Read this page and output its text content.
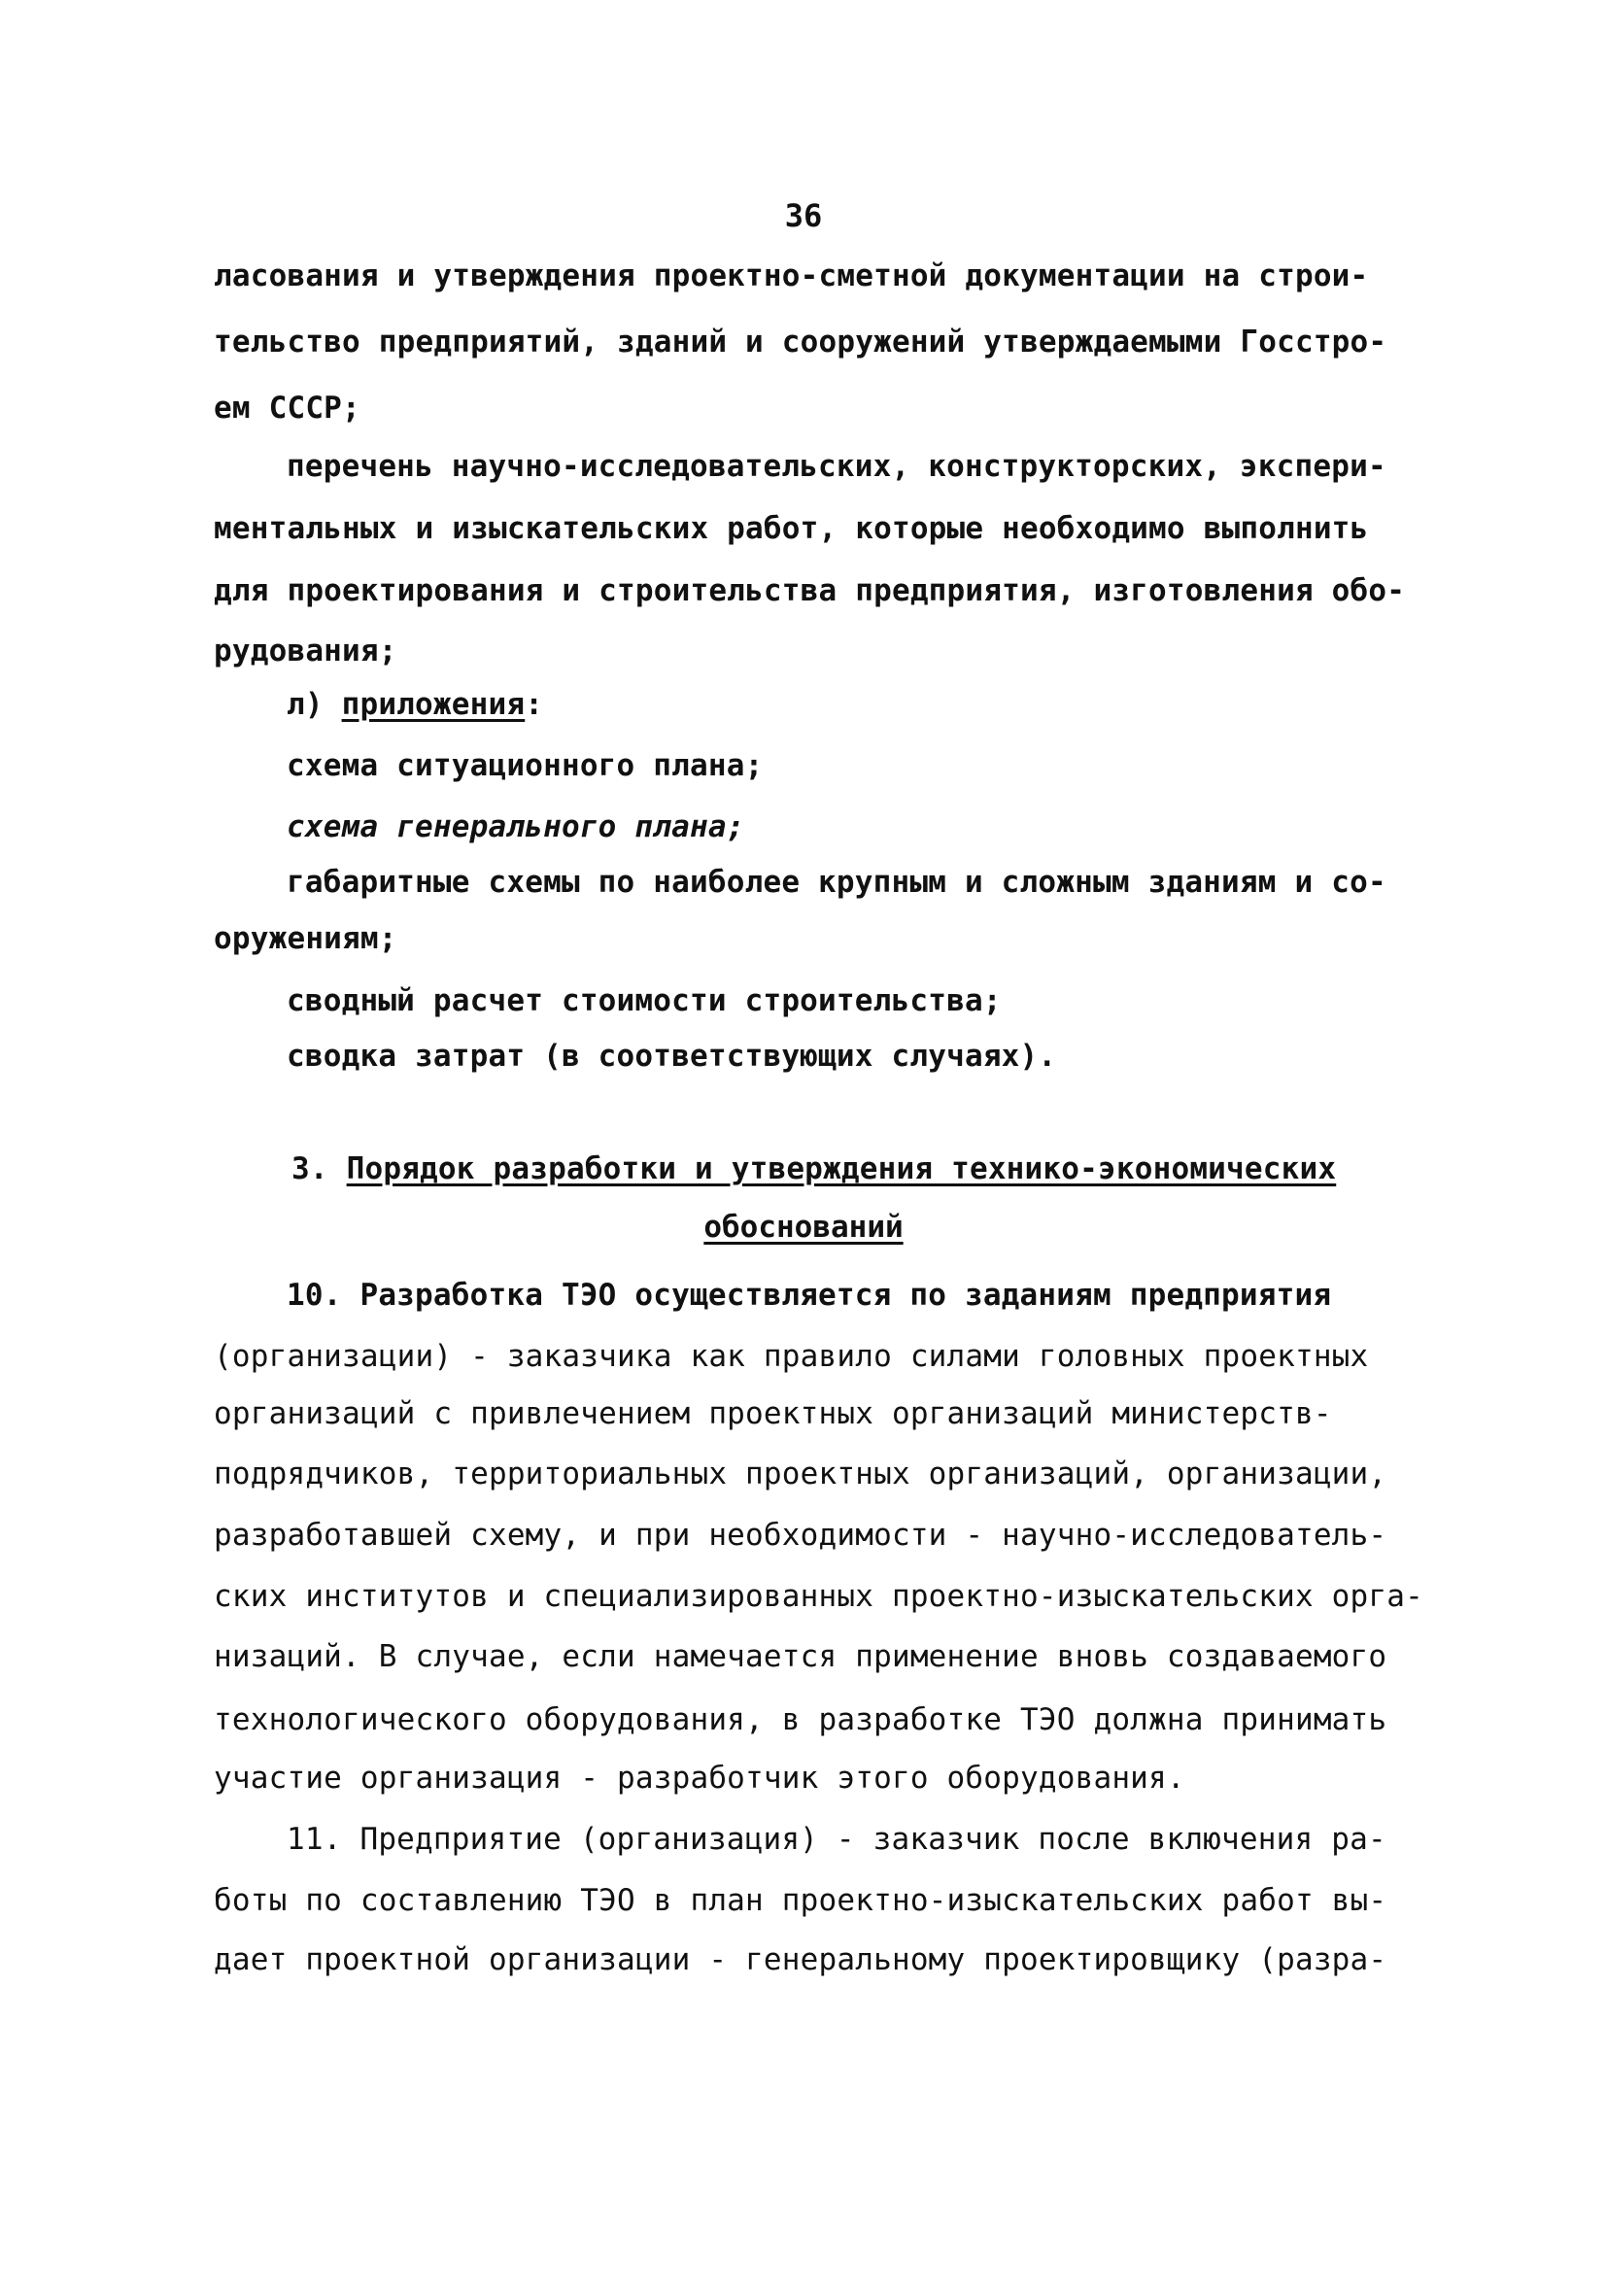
36
ласования и утверждения проектно-сметной документации на строи-
тельство предприятий, зданий и сооружений утверждаемыми Госстро-
ем СССР;
перечень научно-исследовательских, конструкторских, экспери-
ментальных и изыскательских работ, которые необходимо выполнить
для проектирования и строительства предприятия, изготовления обо-
рудования;
л) приложения:
схема ситуационного плана;
схема генерального плана;
габаритные схемы по наиболее крупным и сложным зданиям и со-
оружениям;
сводный расчет стоимости строительства;
сводка затрат (в соответствующих случаях).
3. Порядок разработки и утверждения технико-экономических
обоснований
10. Разработка ТЭО осуществляется по заданиям предприятия
(организации) - заказчика как правило силами головных проектных
организаций с привлечением проектных организаций министерств-
подрядчиков, территориальных проектных организаций, организации,
разработавшей схему, и при необходимости - научно-исследователь-
ских институтов и специализированных проектно-изыскательских орга-
низаций. В случае, если намечается применение вновь создаваемого
технологического оборудования, в разработке ТЭО должна принимать
участие организация - разработчик этого оборудования.
11. Предприятие (организация) - заказчик после включения ра-
боты по составлению ТЭО в план проектно-изыскательских работ вы-
дает проектной организации - генеральному проектировщику (разра-
